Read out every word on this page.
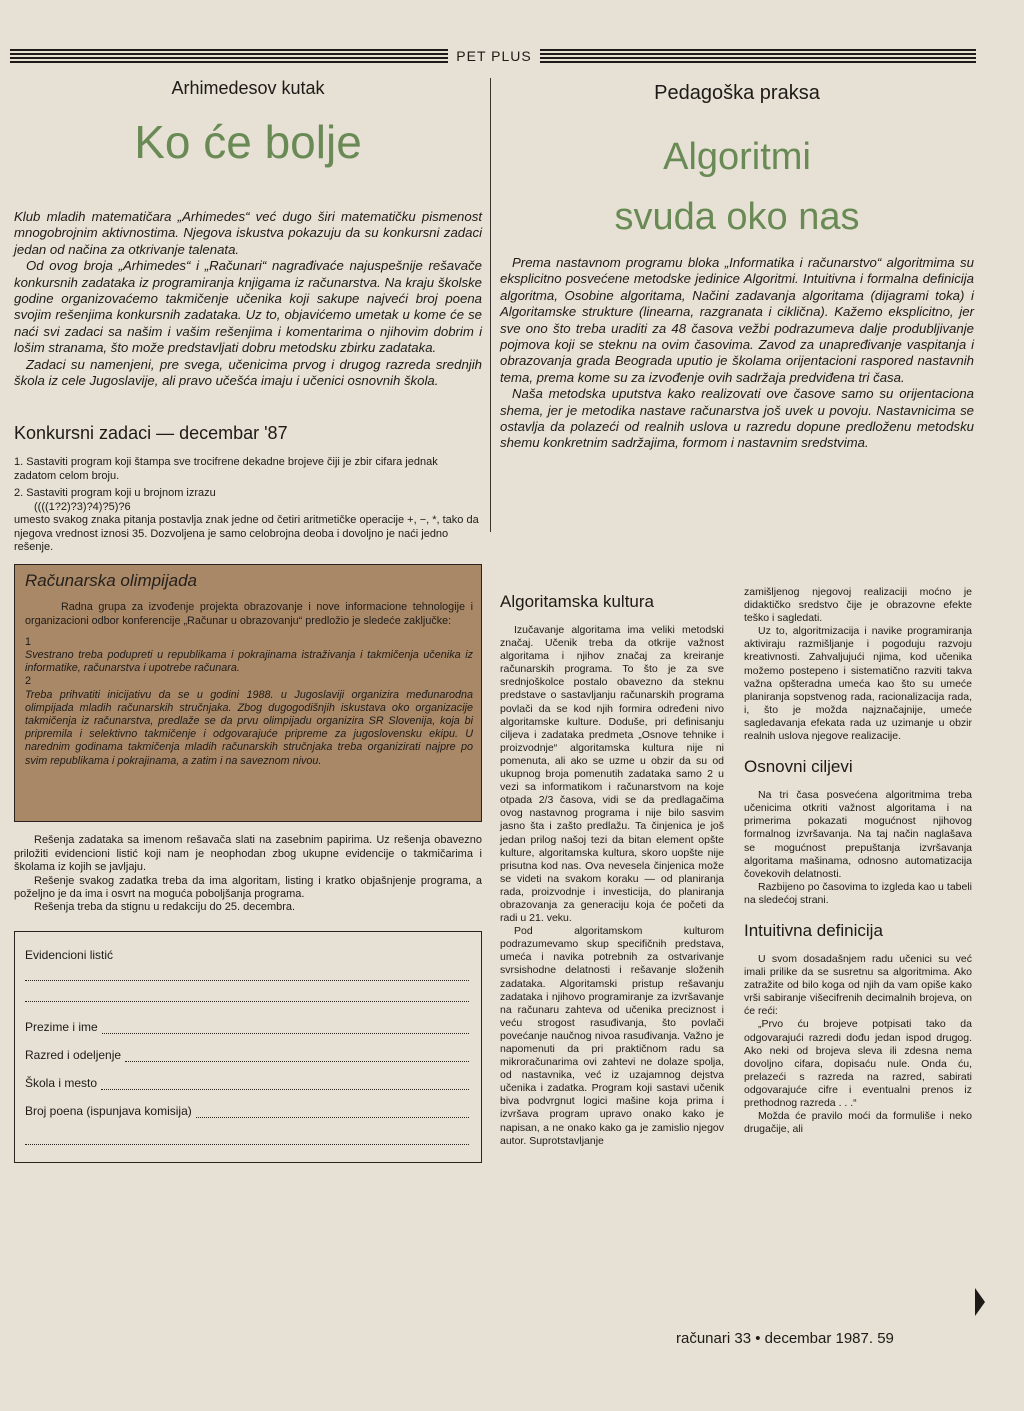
PET PLUS
Arhimedesov kutak
Ko će bolje

Klub mladih matematičara „Arhimedes“ već dugo širi matematičku pismenost mnogobrojnim aktivnostima. Njegova iskustva pokazuju da su konkursni zadaci jedan od načina za otkrivanje talenata.

Od ovog broja „Arhimedes“ i „Računari“ nagrađivaće najuspešnije rešavače konkursnih zadataka iz programiranja knjigama iz računarstva. Na kraju školske godine organizovaćemo takmičenje učenika koji sakupe najveći broj poena svojim rešenjima konkursnih zadataka. Uz to, objavićemo umetak u kome će se naći svi zadaci sa našim i vašim rešenjima i komentarima o njihovim dobrim i lošim stranama, što može predstavljati dobru metodsku zbirku zadataka.

Zadaci su namenjeni, pre svega, učenicima prvog i drugog razreda srednjih škola iz cele Jugoslavije, ali pravo učešća imaju i učenici osnovnih škola.

Konkursni zadaci — decembar '87

1. Sastaviti program koji štampa sve trocifrene dekadne brojeve čiji je zbir cifara jednak zadatom celom broju.

2. Sastaviti program koji u brojnom izrazu

((((1?2)?3)?4)?5)?6

umesto svakog znaka pitanja postavlja znak jedne od četiri aritmetičke operacije +, −, *, tako da njegova vrednost iznosi 35. Dozvoljena je samo celobrojna deoba i dovoljno je naći jedno rešenje.

Računarska olimpijada

Radna grupa za izvođenje projekta obrazovanje i nove informacione tehnologije i organizacioni odbor konferencije „Računar u obrazovanju“ predložio je sledeće zaključke:

1

Svestrano treba podupreti u republikama i pokrajinama istraživanja i takmičenja učenika iz informatike, računarstva i upotrebe računara.

2

Treba prihvatiti inicijativu da se u godini 1988. u Jugoslaviji organizira međunarodna olimpijada mladih računarskih stručnjaka. Zbog dugogodišnjih iskustava oko organizacije takmičenja iz računarstva, predlaže se da prvu olimpijadu organizira SR Slovenija, koja bi pripremila i selektivno takmičenje i odgovarajuće pripreme za jugoslovensku ekipu. U narednim godinama takmičenja mladih računarskih stručnjaka treba organizirati najpre po svim republikama i pokrajinama, a zatim i na saveznom nivou.

Rešenja zadataka sa imenom rešavača slati na zasebnim papirima. Uz rešenja obavezno priložiti evidencioni listić koji nam je neophodan zbog ukupne evidencije o takmičarima i školama iz kojih se javljaju.

Rešenje svakog zadatka treba da ima algoritam, listing i kratko objašnjenje programa, a poželjno je da ima i osvrt na moguća poboljšanja programa.

Rešenja treba da stignu u redakciju do 25. decembra.

Evidencioni listić
Prezime i ime
Razred i odeljenje
Škola i mesto
Broj poena (ispunjava komisija)
Pedagoška praksa
Algoritmi
svuda oko nas

Prema nastavnom programu bloka „Informatika i računarstvo“ algoritmima su eksplicitno posvećene metodske jedinice Algoritmi. Intuitivna i formalna definicija algoritma, Osobine algoritama, Načini zadavanja algoritama (dijagrami toka) i Algoritamske strukture (linearna, razgranata i ciklična). Kažemo eksplicitno, jer sve ono što treba uraditi za 48 časova vežbi podrazumeva dalje produbljivanje pojmova koji se steknu na ovim časovima. Zavod za unapređivanje vaspitanja i obrazovanja grada Beograda uputio je školama orijentacioni raspored nastavnih tema, prema kome su za izvođenje ovih sadržaja predviđena tri časa.

Naša metodska uputstva kako realizovati ove časove samo su orijentaciona shema, jer je metodika nastave računarstva još uvek u povoju. Nastavnicima se ostavlja da polazeći od realnih uslova u razredu dopune predloženu metodsku shemu konkretnim sadržajima, formom i nastavnim sredstvima.

Algoritamska kultura

Izučavanje algoritama ima veliki metodski značaj. Učenik treba da otkrije važnost algoritama i njihov značaj za kreiranje računarskih programa. To što je za sve srednjoškolce postalo obavezno da steknu predstave o sastavljanju računarskih programa povlači da se kod njih formira određeni nivo algoritamske kulture. Doduše, pri definisanju ciljeva i zadataka predmeta „Osnove tehnike i proizvodnje“ algoritamska kultura nije ni pomenuta, ali ako se uzme u obzir da su od ukupnog broja pomenutih zadataka samo 2 u vezi sa informatikom i računarstvom na koje otpada 2/3 časova, vidi se da predlagačima ovog nastavnog programa i nije bilo sasvim jasno šta i zašto predlažu. Ta činjenica je još jedan prilog našoj tezi da bitan element opšte kulture, algoritamska kultura, skoro uopšte nije prisutna kod nas. Ova nevesela činjenica može se videti na svakom koraku — od planiranja rada, proizvodnje i investicija, do planiranja obrazovanja za generaciju koja će početi da radi u 21. veku.

Pod algoritamskom kulturom podrazumevamo skup specifičnih predstava, umeća i navika potrebnih za ostvarivanje svrsishodne delatnosti i rešavanje složenih zadataka. Algoritamski pristup rešavanju zadataka i njihovo programiranje za izvršavanje na računaru zahteva od učenika preciznost i veću strogost rasuđivanja, što povlači povećanje naučnog nivoa rasuđivanja. Važno je napomenuti da pri praktičnom radu sa mikroračunarima ovi zahtevi ne dolaze spolja, od nastavnika, već iz uzajamnog dejstva učenika i zadatka. Program koji sastavi učenik biva podvrgnut logici mašine koja prima i izvršava program upravo onako kako je napisan, a ne onako kako ga je zamislio njegov autor. Suprotstavljanje

zamišljenog njegovoj realizaciji moćno je didaktičko sredstvo čije je obrazovne efekte teško i sagledati.

Uz to, algoritmizacija i navike programiranja aktiviraju razmišljanje i pogoduju razvoju kreativnosti. Zahvaljujući njima, kod učenika možemo postepeno i sistematično razviti takva važna opšteradna umeća kao što su umeće planiranja sopstvenog rada, racionalizacija rada, i, što je možda najznačajnije, umeće sagledavanja efekata rada uz uzimanje u obzir realnih uslova njegove realizacije.

Osnovni ciljevi

Na tri časa posvećena algoritmima treba učenicima otkriti važnost algoritama i na primerima pokazati mogućnost njihovog formalnog izvršavanja. Na taj način naglašava se mogućnost prepuštanja izvršavanja algoritama mašinama, odnosno automatizacija čovekovih delatnosti.

Razbijeno po časovima to izgleda kao u tabeli na sledećoj strani.

Intuitivna definicija

U svom dosadašnjem radu učenici su već imali prilike da se susretnu sa algoritmima. Ako zatražite od bilo koga od njih da vam opiše kako vrši sabiranje višecifrenih decimalnih brojeva, on će reći:

„Prvo ću brojeve potpisati tako da odgovarajući razredi dođu jedan ispod drugog. Ako neki od brojeva sleva ili zdesna nema dovoljno cifara, dopisaću nule. Onda ću, prelazeći s razreda na razred, sabirati odgovarajuće cifre i eventualni prenos iz prethodnog razreda . . .“

Možda će pravilo moći da formuliše i neko drugačije, ali

računari 33 • decembar 1987. 59
